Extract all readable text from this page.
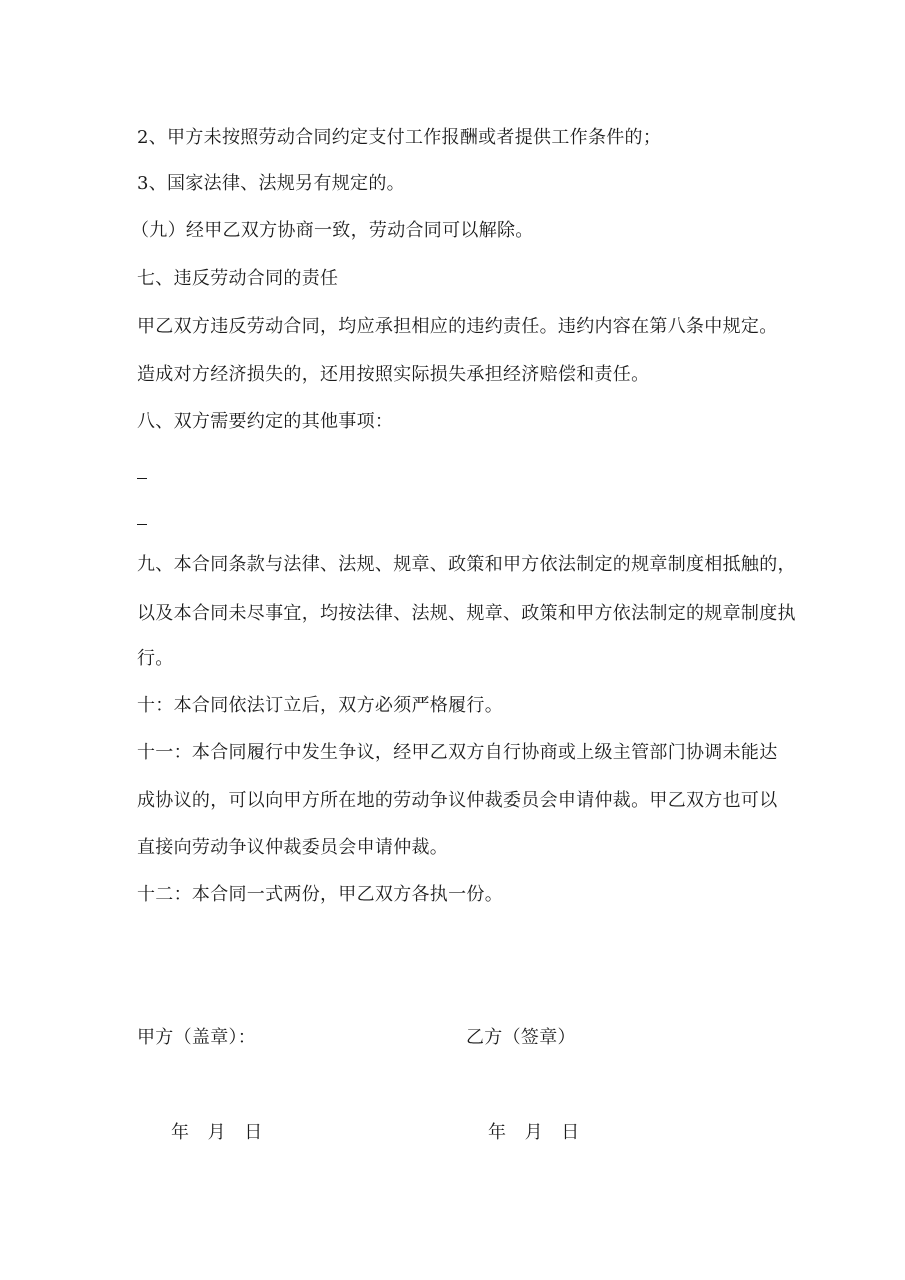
2、甲方未按照劳动合同约定支付工作报酬或者提供工作条件的；
3、国家法律、法规另有规定的。
（九）经甲乙双方协商一致，劳动合同可以解除。
七、违反劳动合同的责任
甲乙双方违反劳动合同，均应承担相应的违约责任。违约内容在第八条中规定。
造成对方经济损失的，还用按照实际损失承担经济赔偿和责任。
八、双方需要约定的其他事项：
九、本合同条款与法律、法规、规章、政策和甲方依法制定的规章制度相抵触的，
以及本合同未尽事宜，均按法律、法规、规章、政策和甲方依法制定的规章制度执
行。
十：本合同依法订立后，双方必须严格履行。
十一：本合同履行中发生争议，经甲乙双方自行协商或上级主管部门协调未能达
成协议的，可以向甲方所在地的劳动争议仲裁委员会申请仲裁。甲乙双方也可以
直接向劳动争议仲裁委员会申请仲裁。
十二：本合同一式两份，甲乙双方各执一份。
甲方（盖章）：	乙方（签章）
年　月　日	年　月　日
